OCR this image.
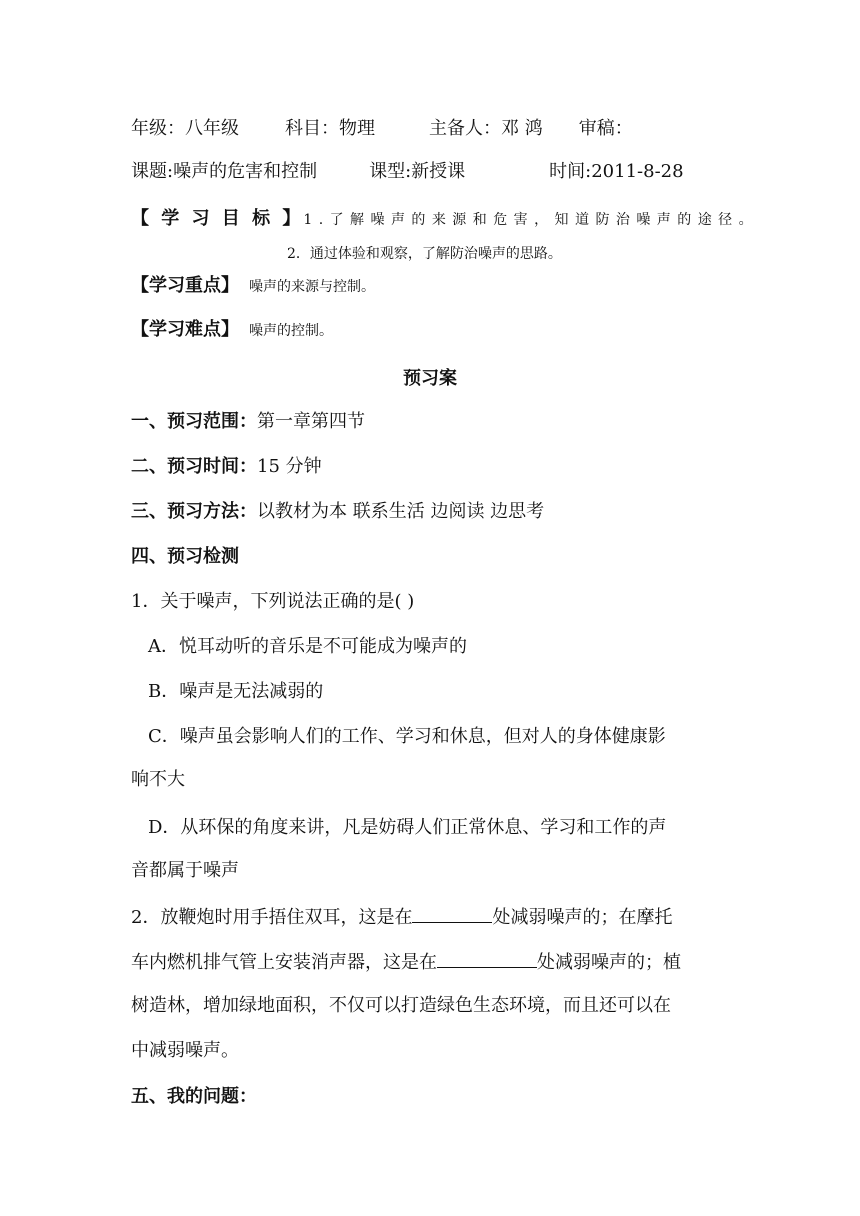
年级：八年级	科目：物理	主备人：邓 鸿 审稿：
课题:噪声的危害和控制	课型:新授课	时间:2011-8-28
【 学 习 目 标 】1 . 了 解 噪 声 的 来 源 和 危 害 ， 知 道 防 治 噪 声 的 途 径 。
2．通过体验和观察，了解防治噪声的思路。
【学习重点】 噪声的来源与控制。
【学习难点】 噪声的控制。
预习案
一、预习范围：第一章第四节
二、预习时间：15 分钟
三、预习方法：以教材为本 联系生活 边阅读 边思考
四、预习检测
1．关于噪声，下列说法正确的是( )
A．悦耳动听的音乐是不可能成为噪声的
B．噪声是无法减弱的
C．噪声虽会影响人们的工作、学习和休息，但对人的身体健康影
响不大
D．从环保的角度来讲，凡是妨碍人们正常休息、学习和工作的声
音都属于噪声
2．放鞭炮时用手捂住双耳，这是在	处减弱噪声的；在摩托
车内燃机排气管上安装消声器，这是在	处减弱噪声的；植
树造林，增加绿地面积，不仅可以打造绿色生态环境，而且还可以在
中减弱噪声。
五、我的问题：
